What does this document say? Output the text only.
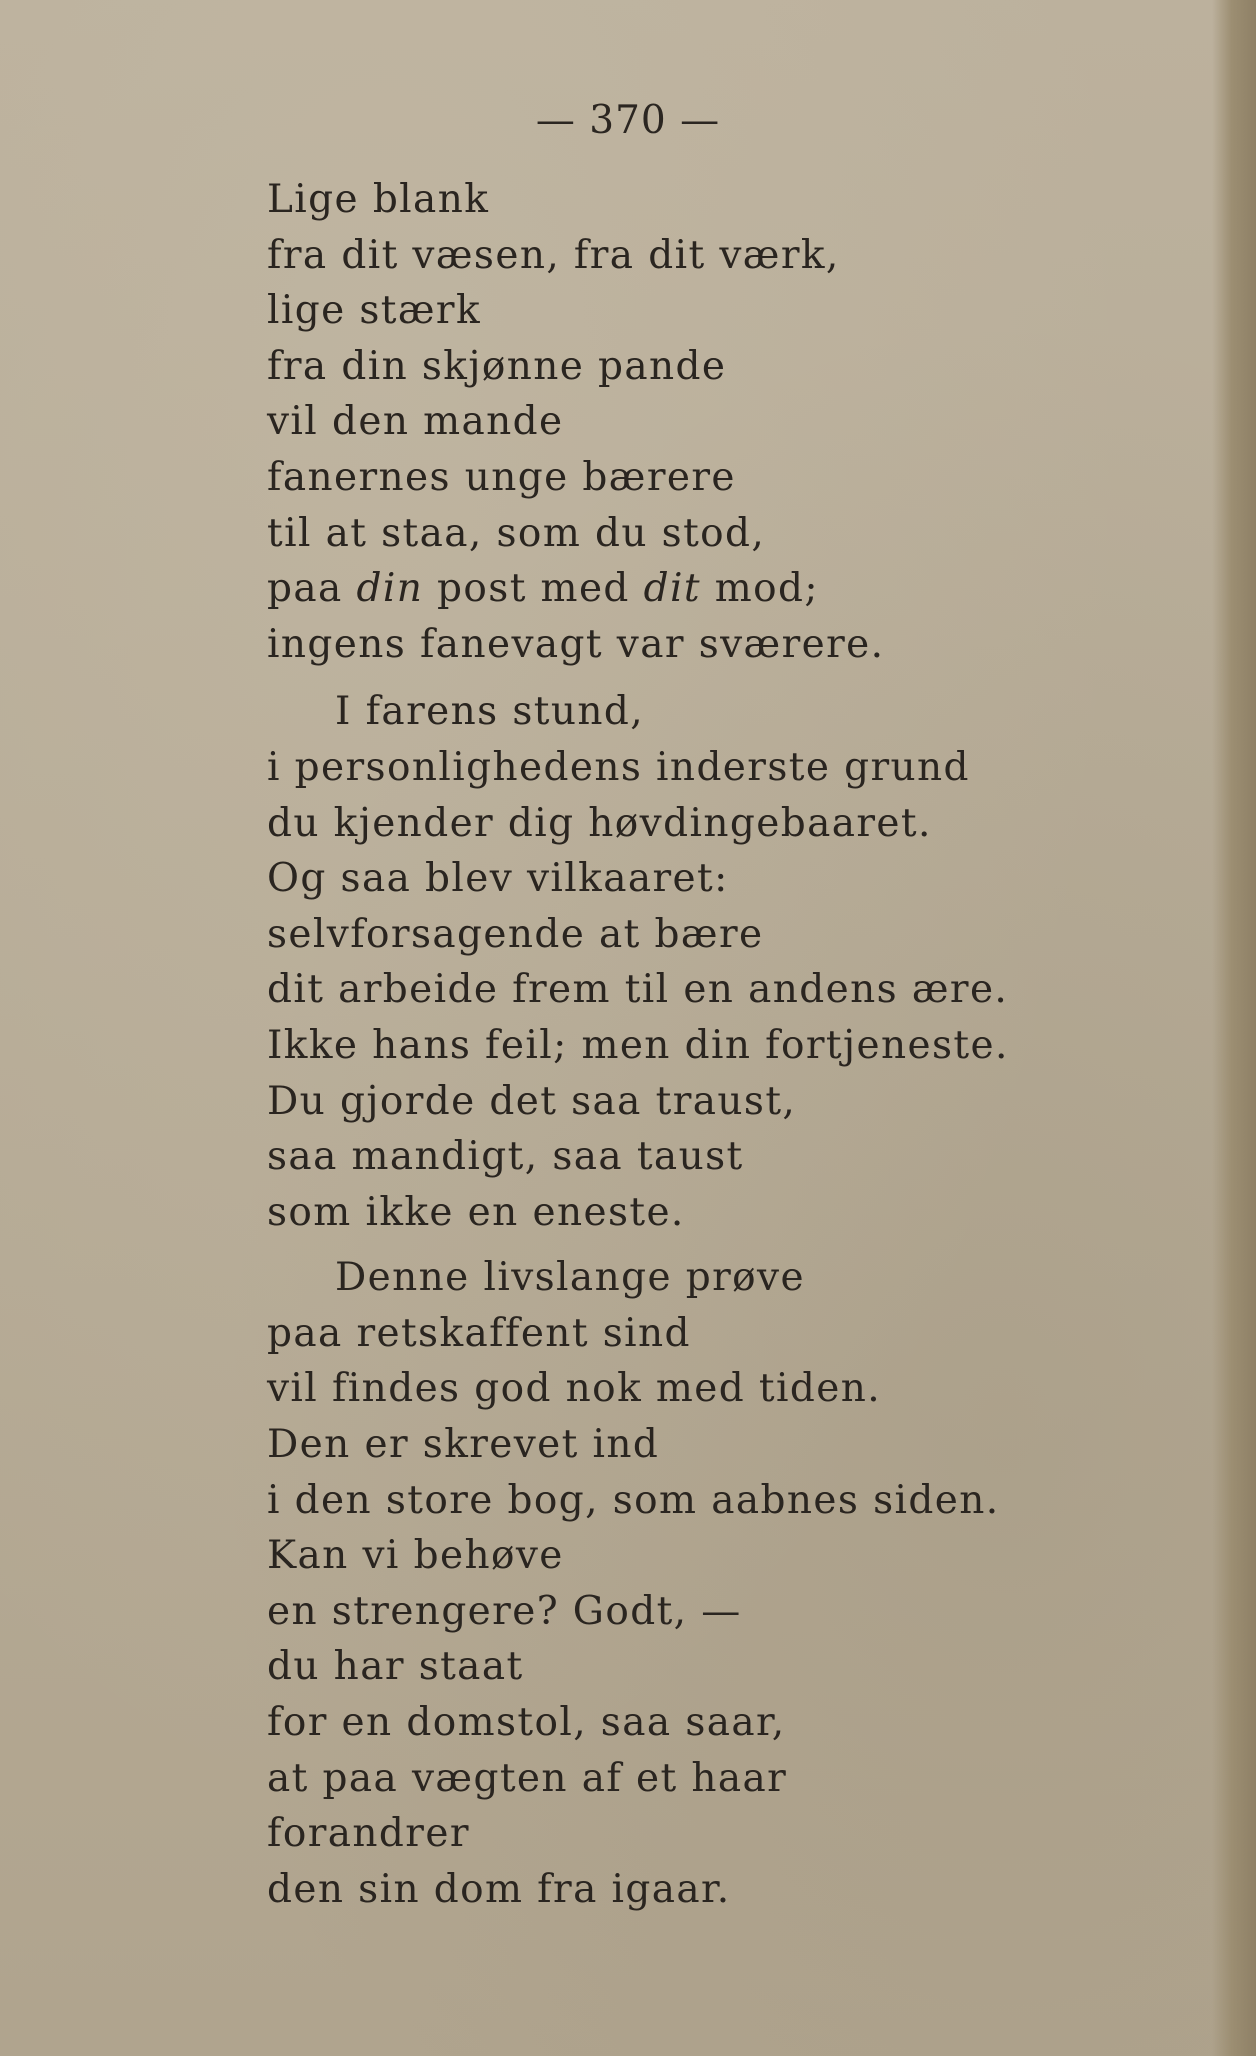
— 370 —
Lige blank
fra dit væsen, fra dit værk,
lige stærk
fra din skjønne pande
vil den mande
fanernes unge bærere
til at staa, som du stod,
paa din post med dit mod;
ingens fanevagt var sværere.
I farens stund,
i personlighedens inderste grund
du kjender dig høvdingebaaret.
Og saa blev vilkaaret:
selvforsagende at bære
dit arbeide frem til en andens ære.
Ikke hans feil; men din fortjeneste.
Du gjorde det saa traust,
saa mandigt, saa taust
som ikke en eneste.
Denne livslange prøve
paa retskaffent sind
vil findes god nok med tiden.
Den er skrevet ind
i den store bog, som aabnes siden.
Kan vi behøve
en strengere? Godt, —
du har staat
for en domstol, saa saar,
at paa vægten af et haar
forandrer
den sin dom fra igaar.
